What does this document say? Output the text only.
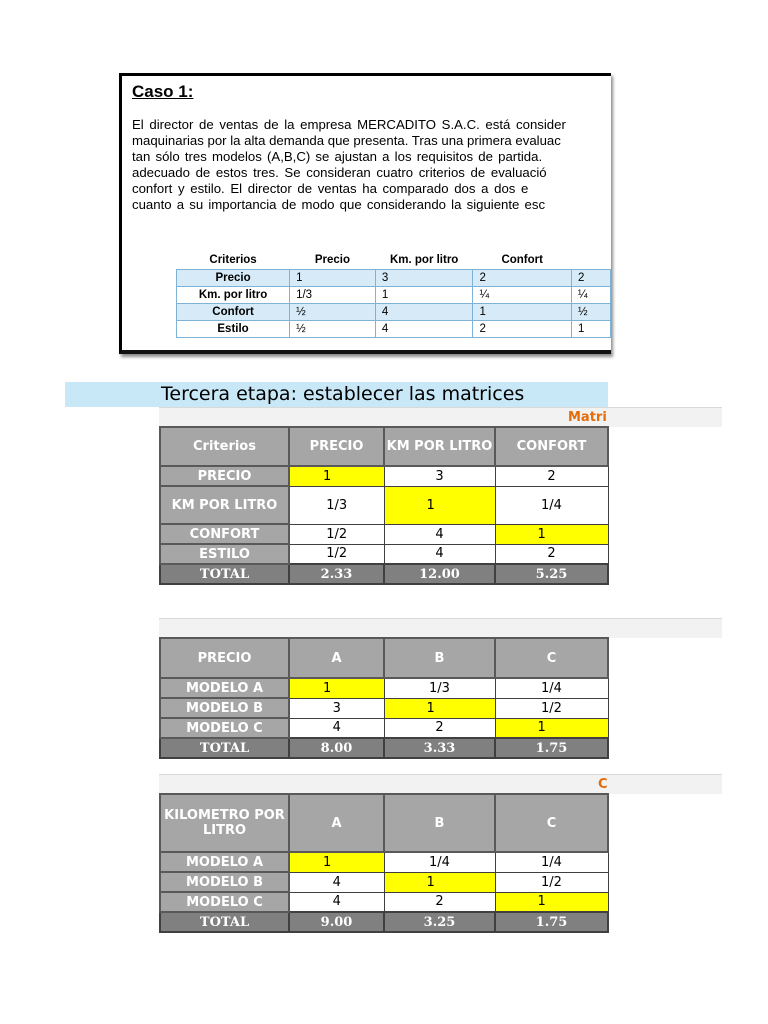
Caso 1:
El director de ventas de la empresa MERCADITO S.A.C. está consider
maquinarias por la alta demanda que presenta. Tras una primera evaluac
tan sólo tres modelos (A,B,C) se ajustan a los requisitos de partida.
adecuado de estos tres. Se consideran cuatro criterios de evaluació
confort y estilo. El director de ventas ha comparado dos a dos e
cuanto a su importancia de modo que considerando la siguiente esc
Criterios	Precio	Km. por litro	Confort	
Precio	1	3	2	2
Km. por litro	1/3	1	¼	¼
Confort	½	4	1	½
Estilo	½	4	2	1
Tercera etapa: establecer las matrices
Matri
Criterios	PRECIO	KM POR LITRO	CONFORT
PRECIO	1	3	2
KM POR LITRO	1/3	1	1/4
CONFORT	1/2	4	1
ESTILO	1/2	4	2
TOTAL	2.33	12.00	5.25
PRECIO	A	B	C
MODELO A	1	1/3	1/4
MODELO B	3	1	1/2
MODELO C	4	2	1
TOTAL	8.00	3.33	1.75
C
KILOMETRO POR LITRO	A	B	C
MODELO A	1	1/4	1/4
MODELO B	4	1	1/2
MODELO C	4	2	1
TOTAL	9.00	3.25	1.75
